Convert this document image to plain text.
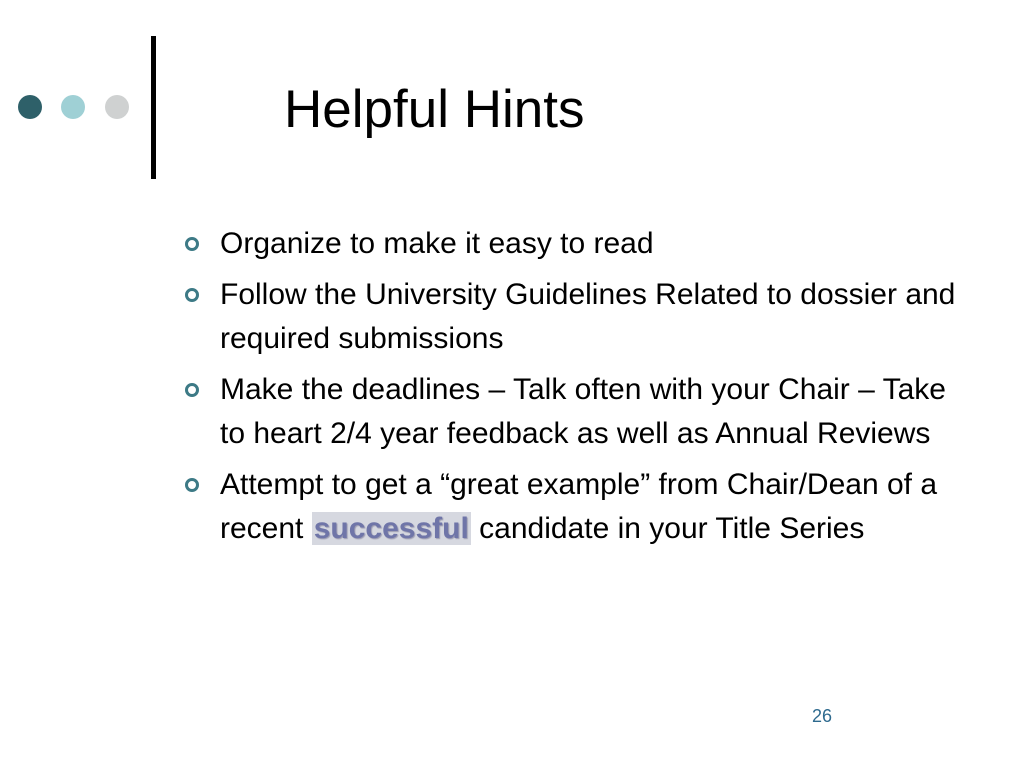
Helpful Hints
Organize to make it easy to read
Follow the University Guidelines Related to dossier and required submissions
Make the deadlines – Talk often with your Chair – Take to heart 2/4 year feedback as well as Annual Reviews
Attempt to get a “great example” from Chair/Dean of a recent successful candidate in your Title Series
26
